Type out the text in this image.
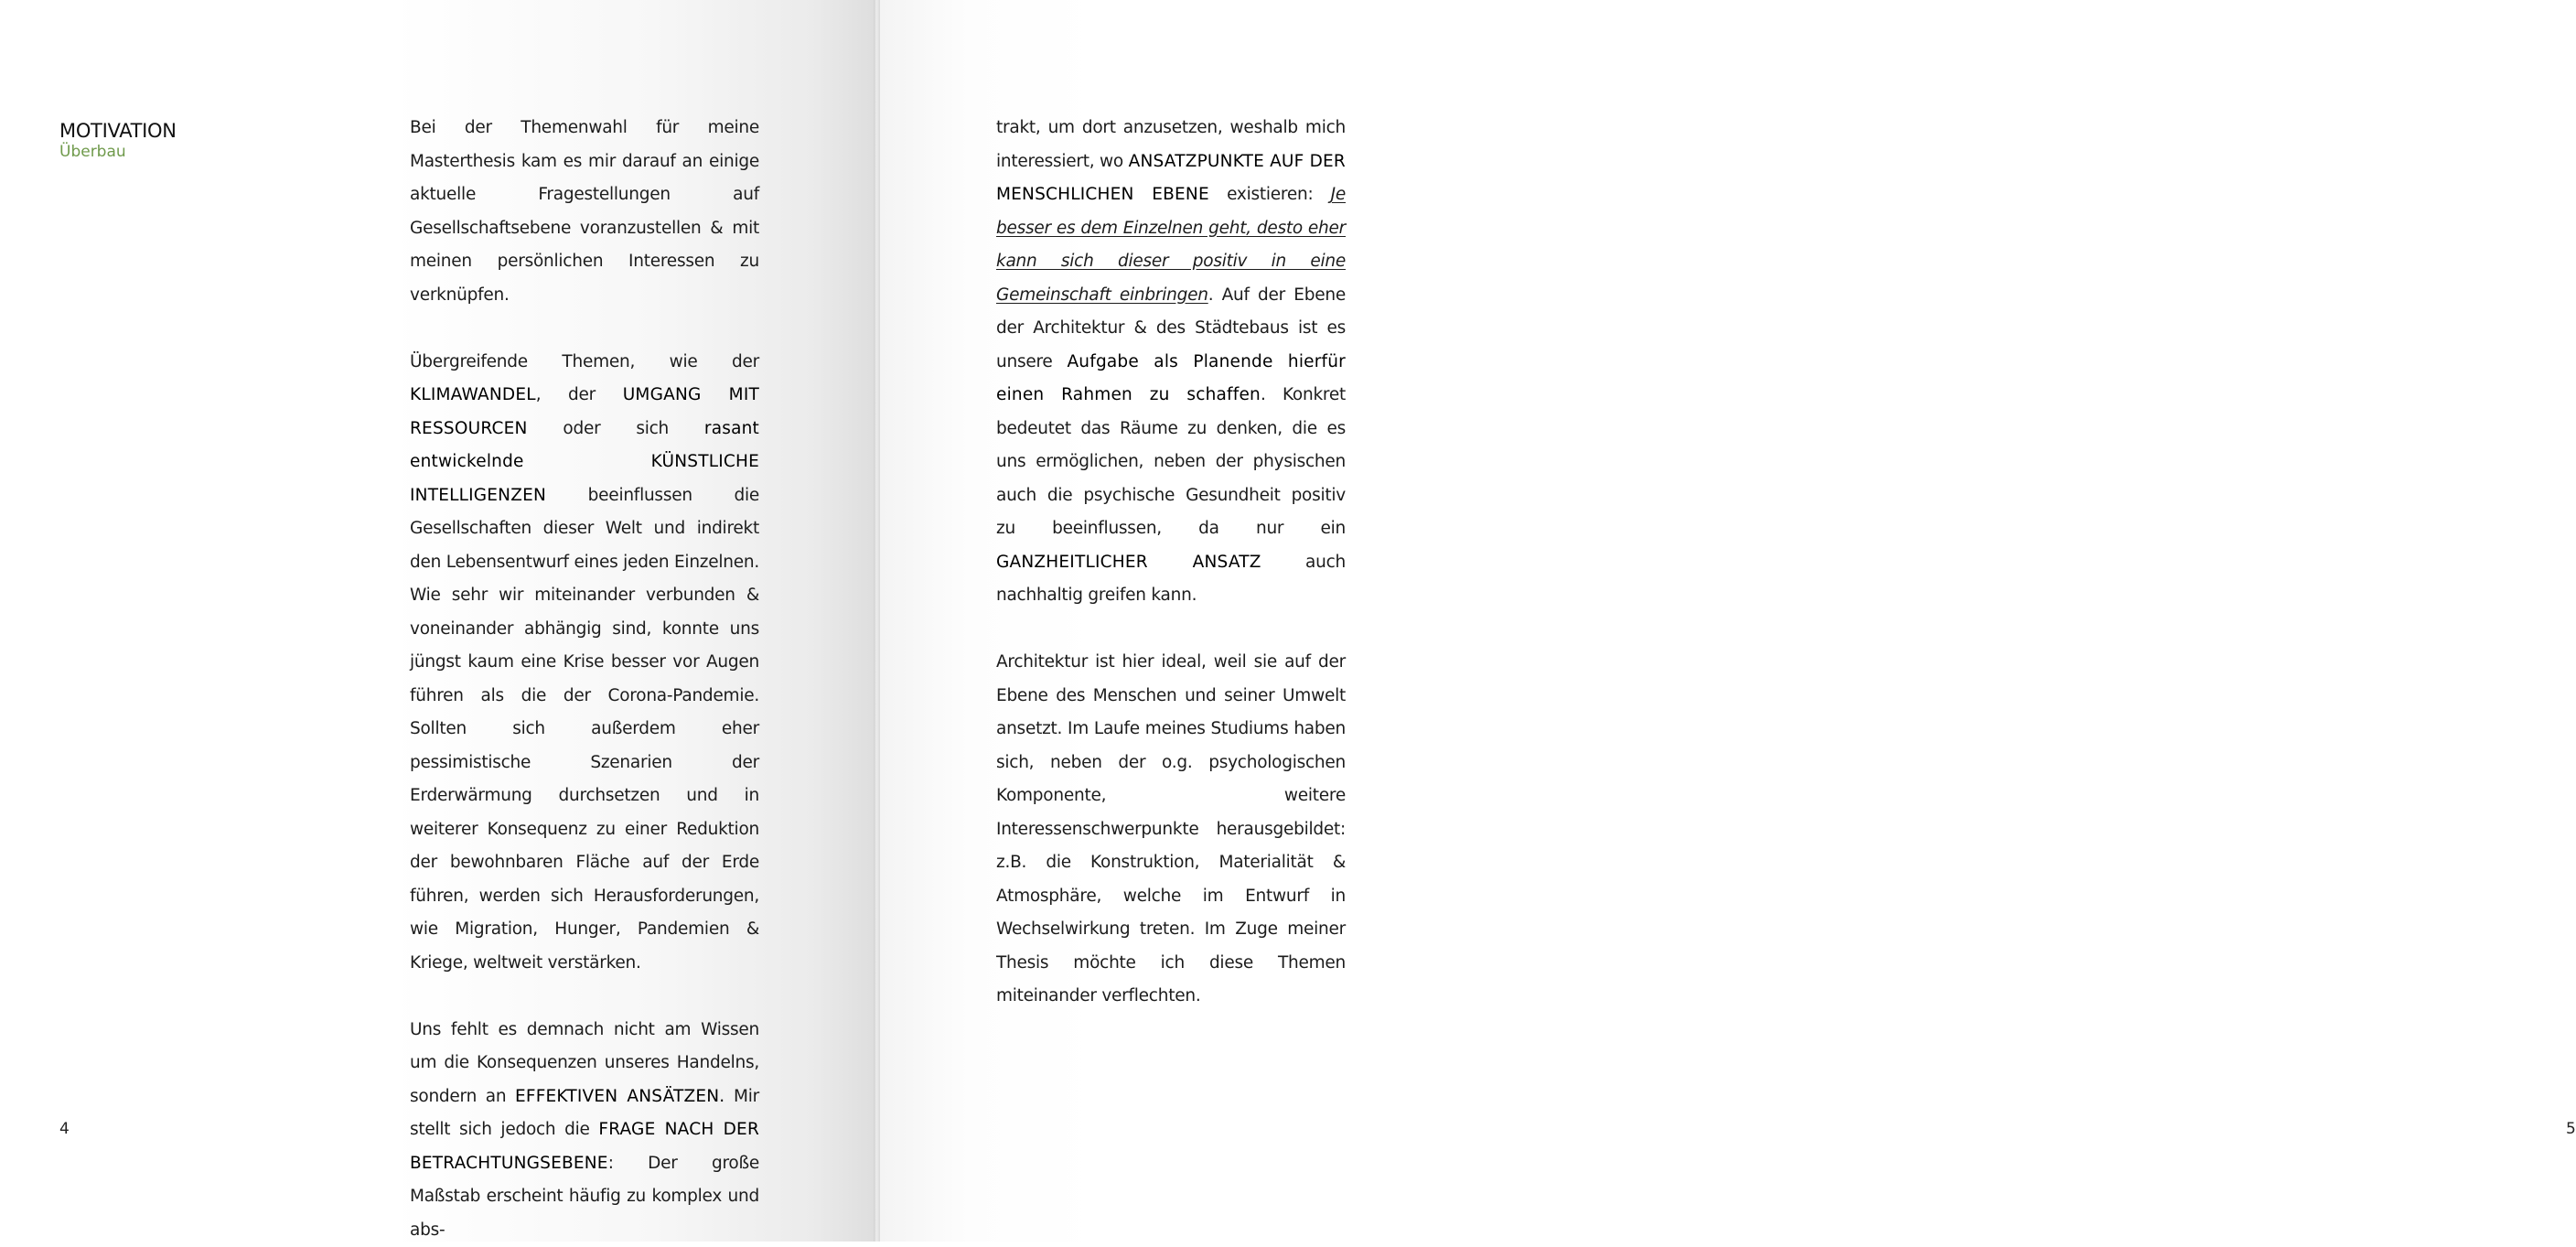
MOTIVATION
Überbau
4	5

Bei der Themenwahl für meine Masterthesis kam es mir darauf an einige aktuelle Fragestellungen auf Gesellschaftsebene voranzustellen & mit meinen persönlichen Interessen zu verknüpfen.

Übergreifende Themen, wie der KLIMAWANDEL, der UMGANG MIT RESSOURCEN oder sich rasant entwickelnde KÜNSTLICHE INTELLIGENZEN beeinflussen die Gesellschaften dieser Welt und indirekt den Lebensentwurf eines jeden Einzelnen. Wie sehr wir miteinander verbunden & voneinander abhängig sind, konnte uns jüngst kaum eine Krise besser vor Augen führen als die der Corona-Pandemie. Sollten sich außerdem eher pessimistische Szenarien der Erderwärmung durchsetzen und in weiterer Konsequenz zu einer Reduktion der bewohnbaren Fläche auf der Erde führen, werden sich Herausforderungen, wie Migration, Hunger, Pandemien & Kriege, weltweit verstärken.

Uns fehlt es demnach nicht am Wissen um die Konsequenzen unseres Handelns, sondern an EFFEKTIVEN ANSÄTZEN. Mir stellt sich jedoch die FRAGE NACH DER BETRACHTUNGSEBENE: Der große Maßstab erscheint häufig zu komplex und abs-

trakt, um dort anzusetzen, weshalb mich interessiert, wo ANSATZPUNKTE AUF DER MENSCHLICHEN EBENE existieren: Je besser es dem Einzelnen geht, desto eher kann sich dieser positiv in eine Gemeinschaft einbringen. Auf der Ebene der Architektur & des Städtebaus ist es unsere Aufgabe als Planende hierfür einen Rahmen zu schaffen. Konkret bedeutet das Räume zu denken, die es uns ermöglichen, neben der physischen auch die psychische Gesundheit positiv zu beeinflussen, da nur ein GANZHEITLICHER ANSATZ auch nachhaltig greifen kann.

Architektur ist hier ideal, weil sie auf der Ebene des Menschen und seiner Umwelt ansetzt. Im Laufe meines Studiums haben sich, neben der o.g. psychologischen Komponente, weitere Interessenschwerpunkte herausgebildet: z.B. die Konstruktion, Materialität & Atmosphäre, welche im Entwurf in Wechselwirkung treten. Im Zuge meiner Thesis möchte ich diese Themen miteinander verflechten.
